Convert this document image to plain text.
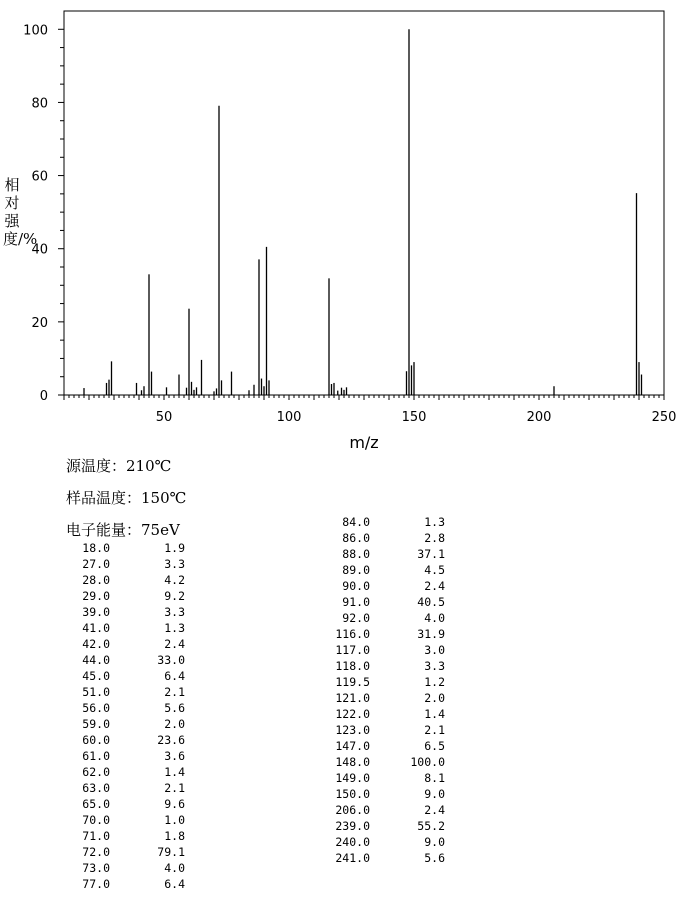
50	100	150	200	250
0
20
40
60
80
100
m/z
相对强度/%
源温度：210℃
样品温度：150℃
电子能量：75eV
18.0	1.9
27.0	3.3
28.0	4.2
29.0	9.2
39.0	3.3
41.0	1.3
42.0	2.4
44.0	33.0
45.0	6.4
51.0	2.1
56.0	5.6
59.0	2.0
60.0	23.6
61.0	3.6
62.0	1.4
63.0	2.1
65.0	9.6
70.0	1.0
71.0	1.8
72.0	79.1
73.0	4.0
77.0	6.4
84.0	1.3
86.0	2.8
88.0	37.1
89.0	4.5
90.0	2.4
91.0	40.5
92.0	4.0
116.0	31.9
117.0	3.0
118.0	3.3
119.5	1.2
121.0	2.0
122.0	1.4
123.0	2.1
147.0	6.5
148.0	100.0
149.0	8.1
150.0	9.0
206.0	2.4
239.0	55.2
240.0	9.0
241.0	5.6
